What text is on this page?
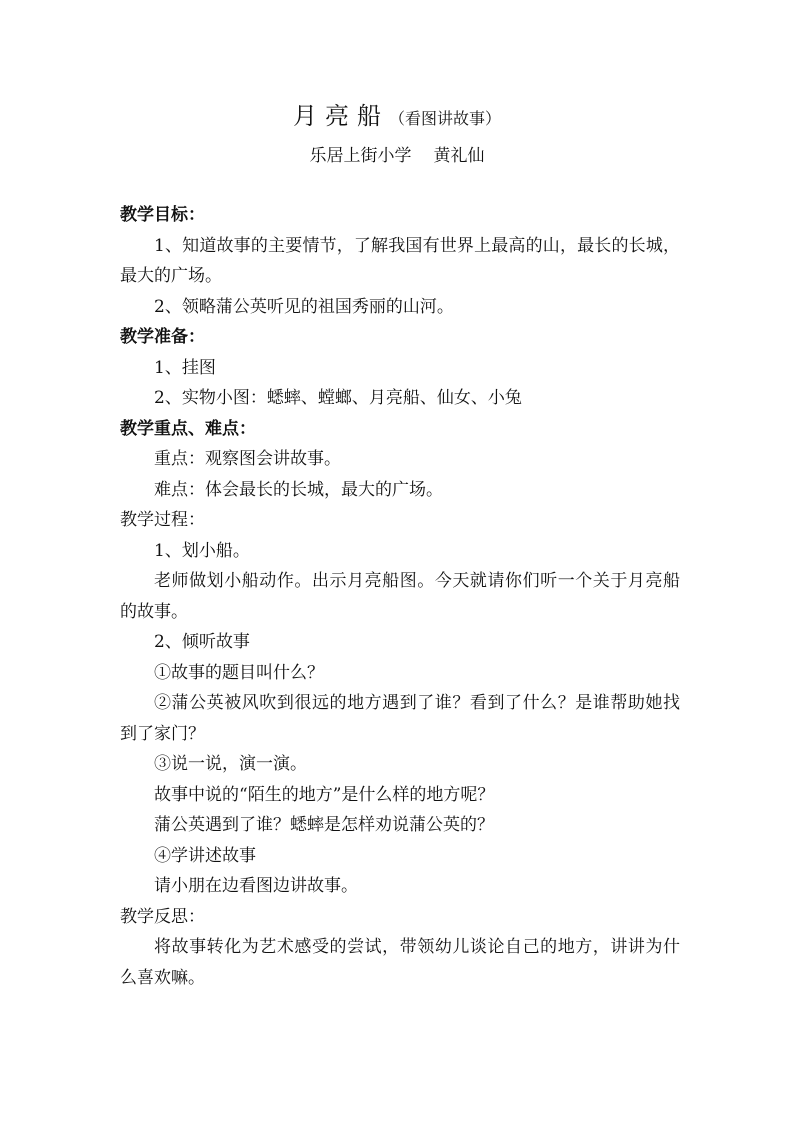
月亮船（看图讲故事）
乐居上街小学 黄礼仙

教学目标：

1、知道故事的主要情节，了解我国有世界上最高的山，最长的长城，最大的广场。

2、领略蒲公英听见的祖国秀丽的山河。

教学准备：

1、挂图

2、实物小图：蟋蟀、螳螂、月亮船、仙女、小兔

教学重点、难点：

重点：观察图会讲故事。

难点：体会最长的长城，最大的广场。

教学过程：

1、划小船。

老师做划小船动作。出示月亮船图。今天就请你们听一个关于月亮船的故事。

2、倾听故事

①故事的题目叫什么？

②蒲公英被风吹到很远的地方遇到了谁？看到了什么？是谁帮助她找到了家门？

③说一说，演一演。

故事中说的“陌生的地方”是什么样的地方呢？

蒲公英遇到了谁？蟋蟀是怎样劝说蒲公英的？

④学讲述故事

请小朋在边看图边讲故事。

教学反思：

将故事转化为艺术感受的尝试，带领幼儿谈论自己的地方，讲讲为什么喜欢嘛。
